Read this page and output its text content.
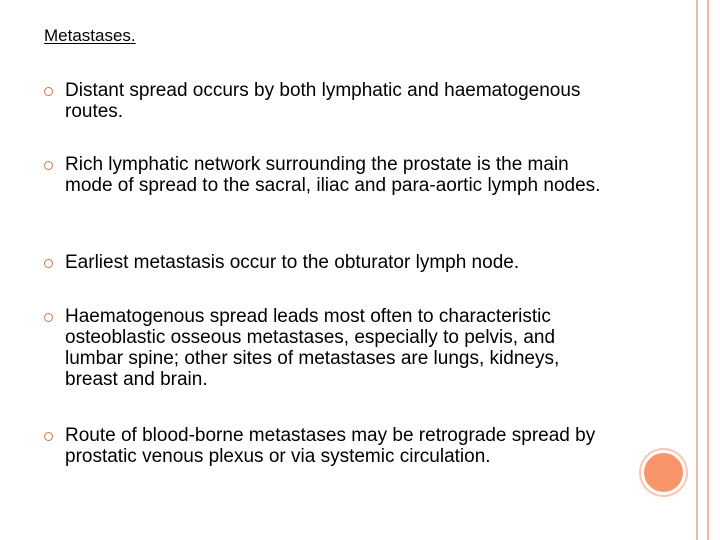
Metastases.
Distant spread occurs by both lymphatic and haematogenous routes.
Rich lymphatic network surrounding the prostate is the main mode of spread to the sacral, iliac and para-aortic lymph nodes.
Earliest metastasis occur to the obturator lymph node.
Haematogenous spread leads most often to characteristic osteoblastic osseous metastases, especially to pelvis, and lumbar spine; other sites of metastases are lungs, kidneys, breast and brain.
Route of blood-borne metastases may be retrograde spread by prostatic venous plexus or via systemic circulation.
